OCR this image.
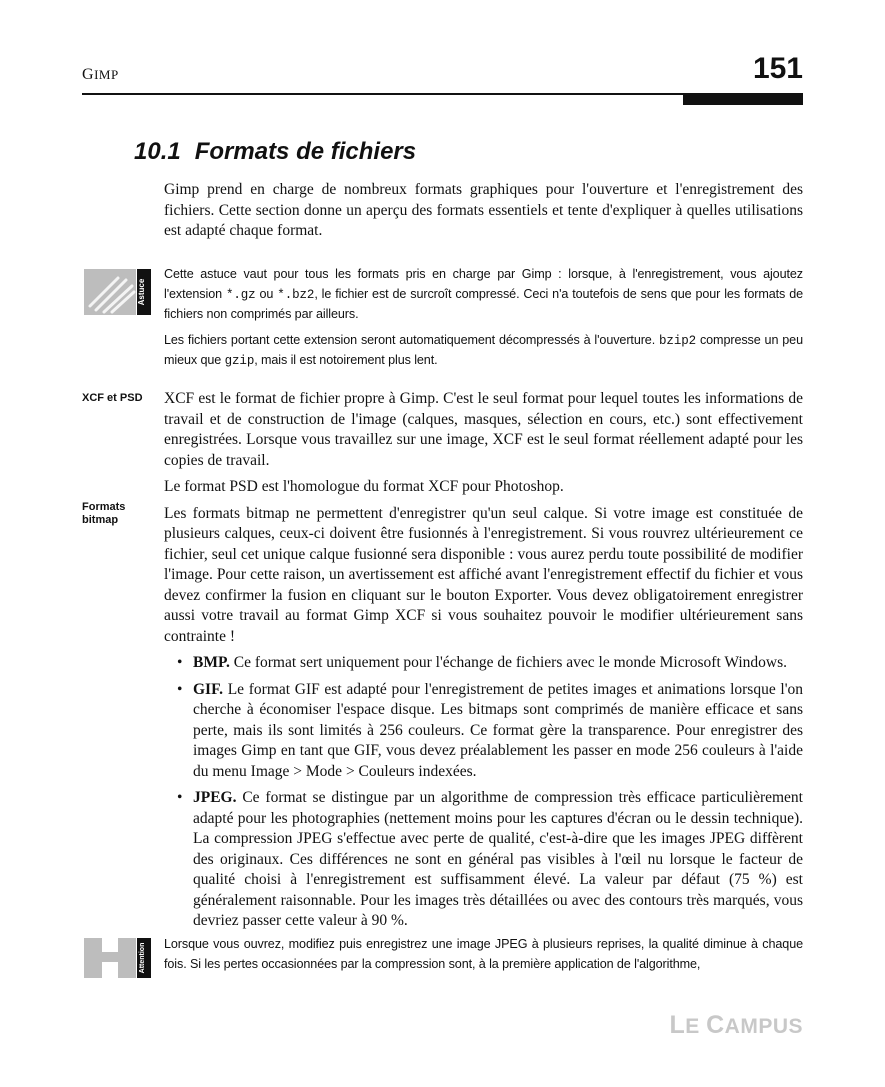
GIMP	151
10.1 Formats de fichiers

Gimp prend en charge de nombreux formats graphiques pour l'ouverture et l'enregistrement des fichiers. Cette section donne un aperçu des formats essentiels et tente d'expliquer à quelles utilisations est adapté chaque format.

Astuce

Cette astuce vaut pour tous les formats pris en charge par Gimp : lorsque, à l'enregistrement, vous ajoutez l'extension *.gz ou *.bz2, le fichier est de surcroît compressé. Ceci n'a toutefois de sens que pour les formats de fichiers non comprimés par ailleurs.

Les fichiers portant cette extension seront automatiquement décompressés à l'ouverture. bzip2 compresse un peu mieux que gzip, mais il est notoirement plus lent.

XCF et PSD
Formats
bitmap

XCF est le format de fichier propre à Gimp. C'est le seul format pour lequel toutes les informations de travail et de construction de l'image (calques, masques, sélection en cours, etc.) sont effectivement enregistrées. Lorsque vous travaillez sur une image, XCF est le seul format réellement adapté pour les copies de travail.

Le format PSD est l'homologue du format XCF pour Photoshop.

Les formats bitmap ne permettent d'enregistrer qu'un seul calque. Si votre image est constituée de plusieurs calques, ceux-ci doivent être fusionnés à l'enregistrement. Si vous rouvrez ultérieurement ce fichier, seul cet unique calque fusionné sera disponible : vous aurez perdu toute possibilité de modifier l'image. Pour cette raison, un avertissement est affiché avant l'enregistrement effectif du fichier et vous devez confirmer la fusion en cliquant sur le bouton Exporter. Vous devez obligatoirement enregistrer aussi votre travail au format Gimp XCF si vous souhaitez pouvoir le modifier ultérieurement sans contrainte !

• BMP. Ce format sert uniquement pour l'échange de fichiers avec le monde Microsoft Windows.
• GIF. Le format GIF est adapté pour l'enregistrement de petites images et animations lorsque l'on cherche à économiser l'espace disque. Les bitmaps sont comprimés de manière efficace et sans perte, mais ils sont limités à 256 couleurs. Ce format gère la transparence. Pour enregistrer des images Gimp en tant que GIF, vous devez préalablement les passer en mode 256 couleurs à l'aide du menu Image > Mode > Couleurs indexées.
• JPEG. Ce format se distingue par un algorithme de compression très efficace particulièrement adapté pour les photographies (nettement moins pour les captures d'écran ou le dessin technique). La compression JPEG s'effectue avec perte de qualité, c'est-à-dire que les images JPEG diffèrent des originaux. Ces différences ne sont en général pas visibles à l'œil nu lorsque le facteur de qualité choisi à l'enregistrement est suffisamment élevé. La valeur par défaut (75 %) est généralement raisonnable. Pour les images très détaillées ou avec des contours très marqués, vous devriez passer cette valeur à 90 %.
Attention Lorsque vous ouvrez, modifiez puis enregistrez une image JPEG à plusieurs reprises, la qualité diminue à chaque fois. Si les pertes occasionnées par la compression sont, à la première application de l'algorithme,

LE CAMPUS
